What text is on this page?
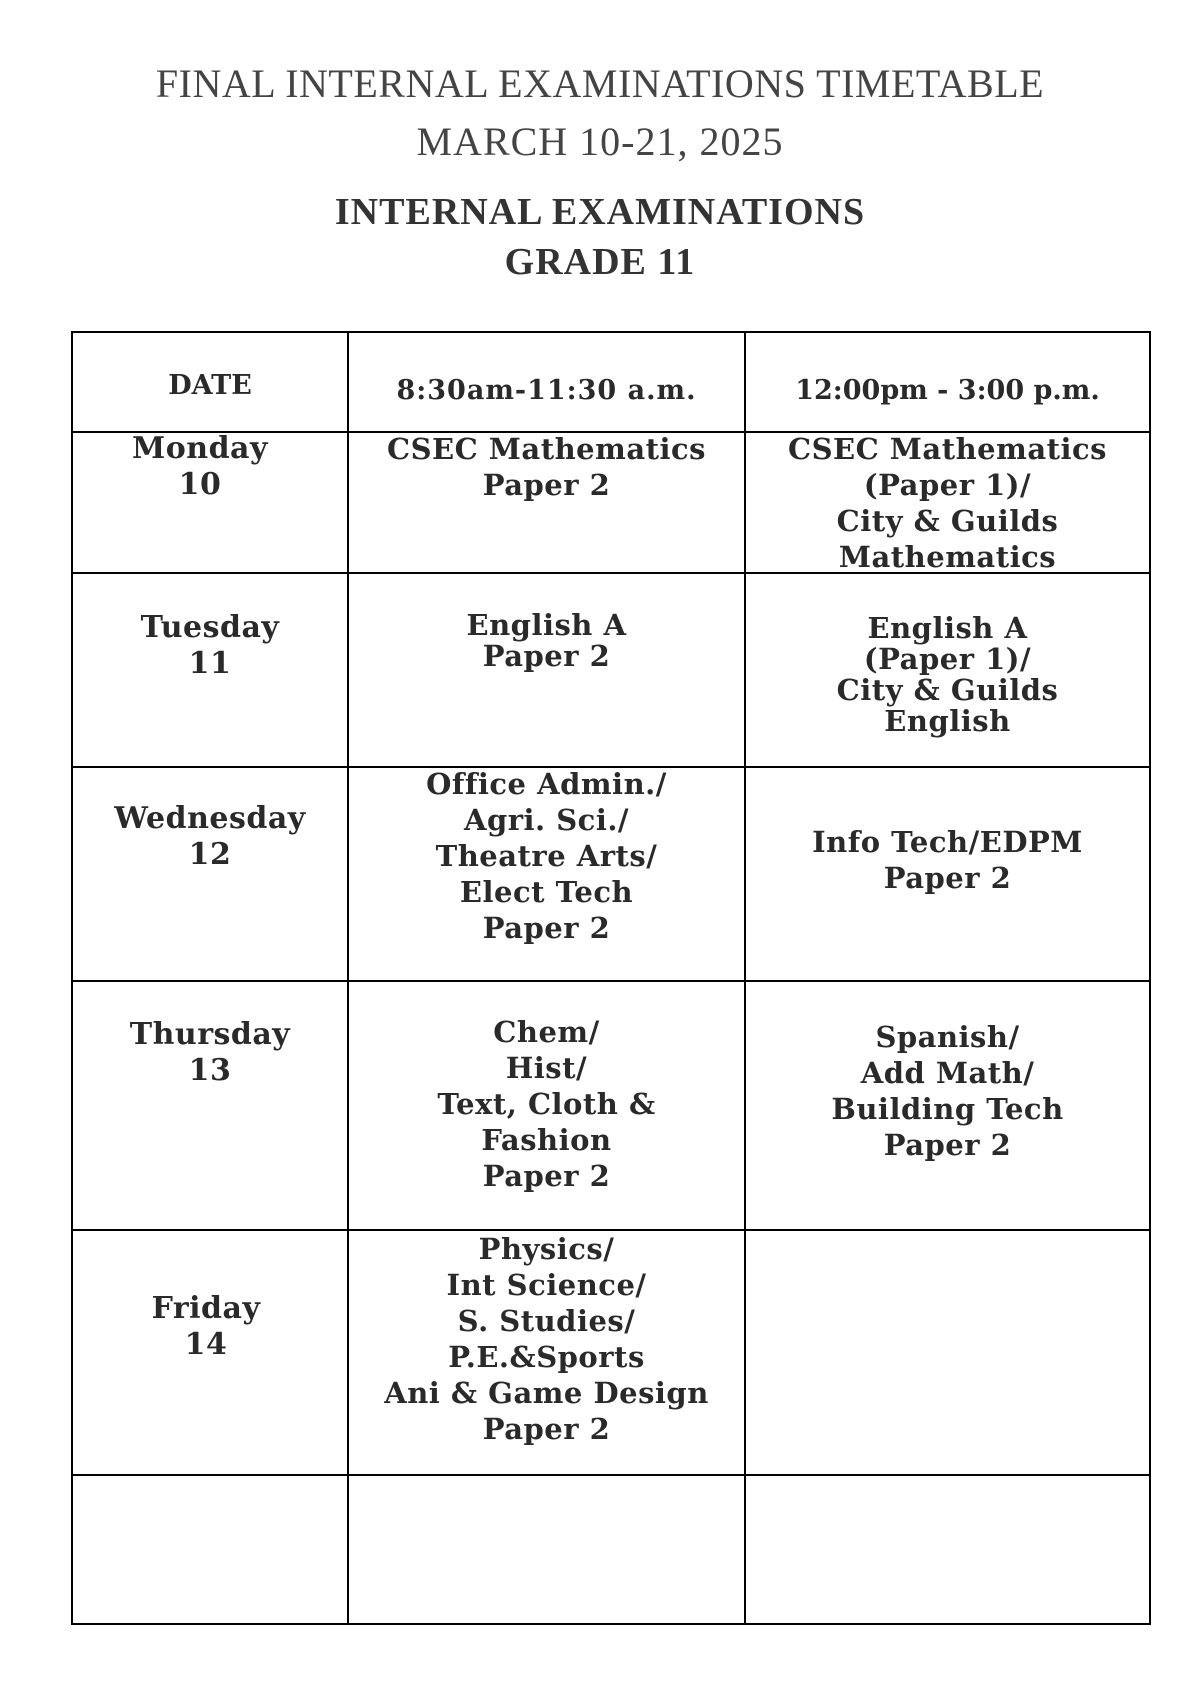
FINAL INTERNAL EXAMINATIONS TIMETABLE
MARCH 10-21, 2025
INTERNAL EXAMINATIONS
GRADE 11
DATE	8:30am-11:30 a.m.	12:00pm - 3:00 p.m.
Monday
10
CSEC Mathematics
Paper 2
CSEC Mathematics
(Paper 1)/
City & Guilds
Mathematics
Tuesday
11
English A
Paper 2
English A
(Paper 1)/
City & Guilds
English
Wednesday
12
Office Admin./
Agri. Sci./
Theatre Arts/
Elect Tech
Paper 2
Info Tech/EDPM
Paper 2
Thursday
13
Chem/
Hist/
Text, Cloth &
Fashion
Paper 2
Spanish/
Add Math/
Building Tech
Paper 2
Friday
14
Physics/
Int Science/
S. Studies/
P.E.&Sports
Ani & Game Design
Paper 2
